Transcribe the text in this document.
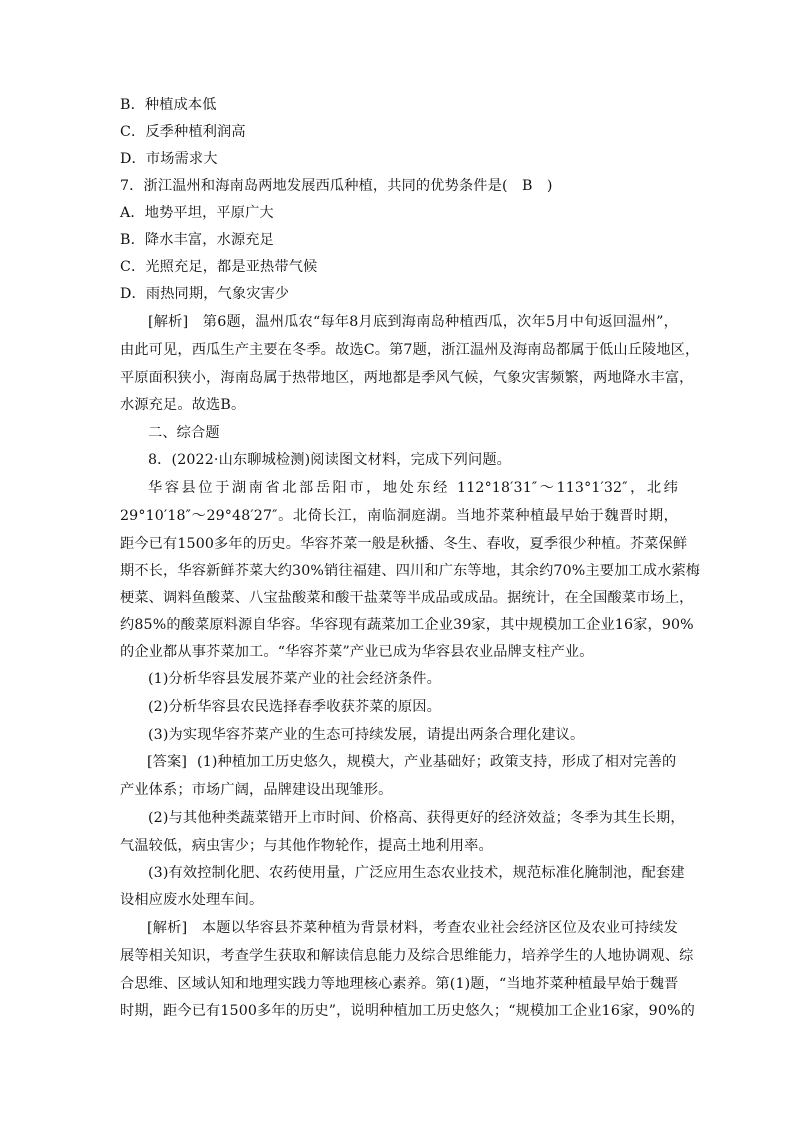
B．种植成本低
C．反季种植利润高
D．市场需求大
7．浙江温州和海南岛两地发展西瓜种植，共同的优势条件是(　B　)
A．地势平坦，平原广大
B．降水丰富，水源充足
C．光照充足，都是亚热带气候
D．雨热同期，气象灾害少
[解析]　第6题，温州瓜农“每年8月底到海南岛种植西瓜，次年5月中旬返回温州”，
由此可见，西瓜生产主要在冬季。故选C。第7题，浙江温州及海南岛都属于低山丘陵地区，
平原面积狭小，海南岛属于热带地区，两地都是季风气候，气象灾害频繁，两地降水丰富，
水源充足。故选B。
二、综合题
8．(2022·山东聊城检测)阅读图文材料，完成下列问题。
华容县位于湖南省北部岳阳市，地处东经 112°18′31″～113°1′32″，北纬
29°10′18″～29°48′27″。北倚长江，南临洞庭湖。当地芥菜种植最早始于魏晋时期，
距今已有1500多年的历史。华容芥菜一般是秋播、冬生、春收，夏季很少种植。芥菜保鲜
期不长，华容新鲜芥菜大约30%销往福建、四川和广东等地，其余约70%主要加工成水萦梅
梗菜、调料鱼酸菜、八宝盐酸菜和酸干盐菜等半成品或成品。据统计，在全国酸菜市场上，
约85%的酸菜原料源自华容。华容现有蔬菜加工企业39家，其中规模加工企业16家，90%
的企业都从事芥菜加工。“华容芥菜”产业已成为华容县农业品牌支柱产业。
(1)分析华容县发展芥菜产业的社会经济条件。
(2)分析华容县农民选择春季收获芥菜的原因。
(3)为实现华容芥菜产业的生态可持续发展，请提出两条合理化建议。
[答案] (1)种植加工历史悠久，规模大，产业基础好；政策支持，形成了相对完善的
产业体系；市场广阔，品牌建设出现雏形。
(2)与其他种类蔬菜错开上市时间、价格高、获得更好的经济效益；冬季为其生长期，
气温较低，病虫害少；与其他作物轮作，提高土地利用率。
(3)有效控制化肥、农药使用量，广泛应用生态农业技术，规范标准化腌制池，配套建
设相应废水处理车间。
[解析]　本题以华容县芥菜种植为背景材料，考查农业社会经济区位及农业可持续发
展等相关知识，考查学生获取和解读信息能力及综合思维能力，培养学生的人地协调观、综
合思维、区域认知和地理实践力等地理核心素养。第(1)题，“当地芥菜种植最早始于魏晋
时期，距今已有1500多年的历史”，说明种植加工历史悠久；“规模加工企业16家，90%的
